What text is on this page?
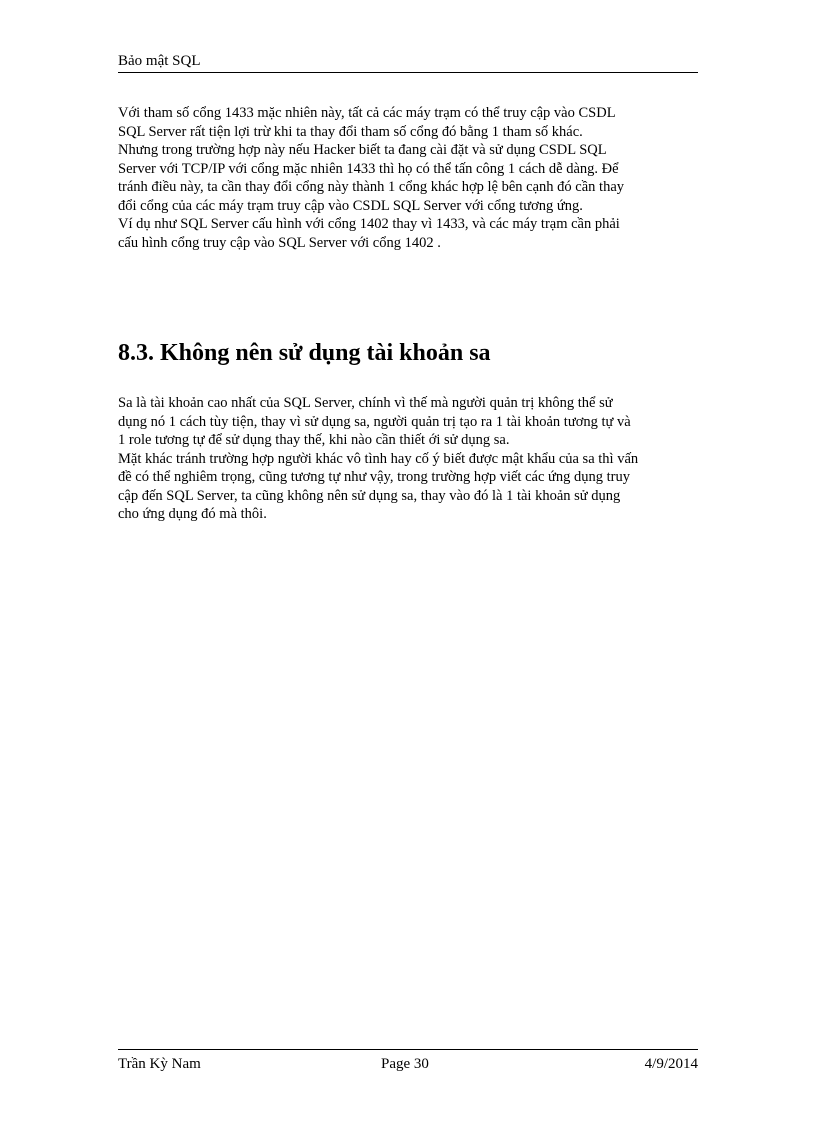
Bảo mật SQL
Với tham số cổng 1433 mặc nhiên này, tất cả các máy trạm có thể truy cập vào CSDL
SQL Server rất tiện lợi trừ khi ta thay đổi tham số cổng đó bằng 1 tham số khác.
Nhưng trong trường hợp này nếu Hacker biết ta đang cài đặt và sử dụng CSDL SQL
Server với TCP/IP với cổng mặc nhiên 1433 thì họ có thể tấn công 1 cách dễ dàng. Để
tránh điều này, ta cần thay đổi cổng này thành 1 cổng khác hợp lệ bên cạnh đó cần thay
đổi cổng của các máy trạm truy cập vào CSDL SQL Server với cổng tương ứng.
Ví dụ như SQL Server cấu hình với cổng 1402 thay vì 1433, và các máy trạm cần phải
cấu hình cổng truy cập vào SQL Server với cổng 1402 .
8.3. Không nên sử dụng tài khoản sa
Sa là tài khoản cao nhất của SQL Server, chính vì thế mà người quản trị không thể sử
dụng nó 1 cách tùy tiện, thay vì sử dụng sa, người quản trị tạo ra 1 tài khoản tương tự và
1 role tương tự để sử dụng thay thế, khi nào cần thiết ới sử dụng sa.
Mặt khác tránh trường hợp người khác vô tình hay cố ý biết được mật khẩu của sa thì vấn
đề có thể nghiêm trọng, cũng tương tự như vậy, trong trường hợp viết các ứng dụng truy
cập đến SQL Server, ta cũng không nên sử dụng sa, thay vào đó là 1 tài khoản sử dụng
cho ứng dụng đó mà thôi.
Trần Kỳ Nam	Page 30	4/9/2014
